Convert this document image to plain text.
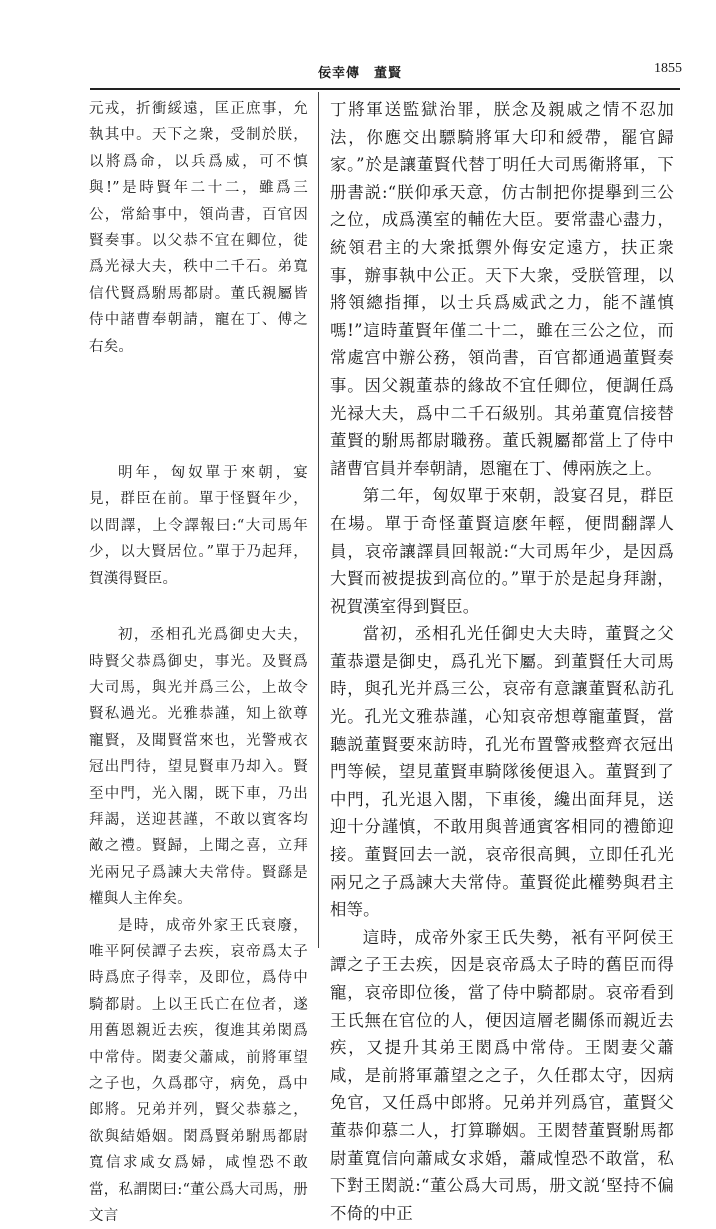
佞幸傳　董賢	1855

元戎，折衝綏遠，匡正庶事，允執其中。天下之衆，受制於朕，以將爲命，以兵爲威，可不慎與!”是時賢年二十二，雖爲三公，常給事中，領尚書，百官因賢奏事。以父恭不宜在卿位，徙爲光禄大夫，秩中二千石。弟寬信代賢爲駙馬都尉。董氏親屬皆侍中諸曹奉朝請，寵在丁、傅之右矣。

明年，匈奴單于來朝，宴見，群臣在前。單于怪賢年少，以問譯，上令譯報曰:“大司馬年少，以大賢居位。”單于乃起拜，賀漢得賢臣。

初，丞相孔光爲御史大夫，時賢父恭爲御史，事光。及賢爲大司馬，與光并爲三公，上故令賢私過光。光雅恭謹，知上欲尊寵賢，及聞賢當來也，光警戒衣冠出門待，望見賢車乃却入。賢至中門，光入閣，既下車，乃出拜謁，送迎甚謹，不敢以賓客均敵之禮。賢歸，上聞之喜，立拜光兩兄子爲諫大夫常侍。賢繇是權與人主侔矣。

是時，成帝外家王氏衰廢，唯平阿侯譚子去疾，哀帝爲太子時爲庶子得幸，及即位，爲侍中騎都尉。上以王氏亡在位者，遂用舊恩親近去疾，復進其弟閎爲中常侍。閎妻父蕭咸，前將軍望之子也，久爲郡守，病免，爲中郎將。兄弟并列，賢父恭慕之，欲與結婚姻。閎爲賢弟駙馬都尉寬信求咸女爲婦，咸惶恐不敢當，私謂閎曰:“董公爲大司馬，册文言

丁將軍送監獄治罪，朕念及親戚之情不忍加法，你應交出驃騎將軍大印和綬帶，罷官歸家。”於是讓董賢代替丁明任大司馬衛將軍，下册書説:“朕仰承天意，仿古制把你提擧到三公之位，成爲漢室的輔佐大臣。要常盡心盡力，統領君主的大衆抵禦外侮安定遠方，扶正衆事，辦事執中公正。天下大衆，受朕管理，以將領總指揮，以士兵爲威武之力，能不謹慎嗎!”這時董賢年僅二十二，雖在三公之位，而常處宫中辦公務，領尚書，百官都通過董賢奏事。因父親董恭的緣故不宜任卿位，便調任爲光禄大夫，爲中二千石級别。其弟董寬信接替董賢的駙馬都尉職務。董氏親屬都當上了侍中諸曹官員并奉朝請，恩寵在丁、傅兩族之上。

第二年，匈奴單于來朝，設宴召見，群臣在場。單于奇怪董賢這麽年輕，便問翻譯人員，哀帝讓譯員回報説:“大司馬年少，是因爲大賢而被提拔到高位的。”單于於是起身拜謝，祝賀漢室得到賢臣。

當初，丞相孔光任御史大夫時，董賢之父董恭還是御史，爲孔光下屬。到董賢任大司馬時，與孔光并爲三公，哀帝有意讓董賢私訪孔光。孔光文雅恭謹，心知哀帝想尊寵董賢，當聽説董賢要來訪時，孔光布置警戒整齊衣冠出門等候，望見董賢車騎隊後便退入。董賢到了中門，孔光退入閣，下車後，纔出面拜見，送迎十分謹慎，不敢用與普通賓客相同的禮節迎接。董賢回去一説，哀帝很高興，立即任孔光兩兄之子爲諫大夫常侍。董賢從此權勢與君主相等。

這時，成帝外家王氏失勢，衹有平阿侯王譚之子王去疾，因是哀帝爲太子時的舊臣而得寵，哀帝即位後，當了侍中騎都尉。哀帝看到王氏無在官位的人，便因這層老關係而親近去疾，又提升其弟王閎爲中常侍。王閎妻父蕭咸，是前將軍蕭望之之子，久任郡太守，因病免官，又任爲中郎將。兄弟并列爲官，董賢父董恭仰慕二人，打算聯姻。王閎替董賢駙馬都尉董寬信向蕭咸女求婚，蕭咸惶恐不敢當，私下對王閎説:“董公爲大司馬，册文説‘堅持不偏不倚的中正
